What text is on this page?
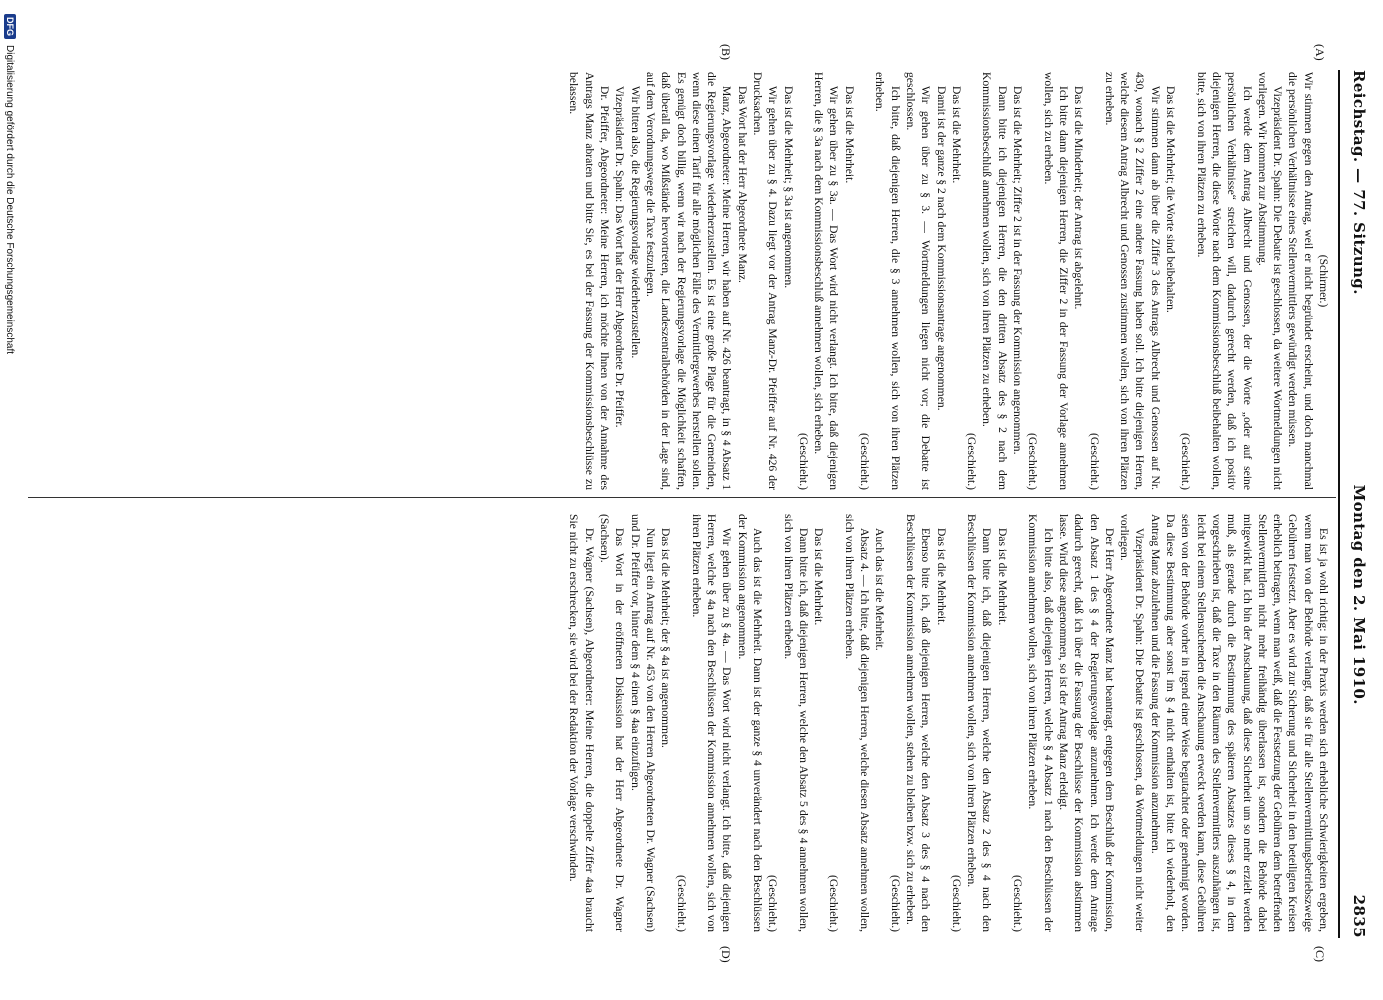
Reichstag. — 77. Sitzung.
Montag den 2. Mai 1910.
2835
(A)
(B)
(C)
(D)

(Schirmer.)

Wir stimmen gegen den Antrag, weil er nicht begründet erscheint, und doch manchmal die persönlichen Verhältnisse eines Stellenvermittlers gewürdigt werden müssen.

Vizepräsident Dr. Spahn: Die Debatte ist geschlossen, da weitere Wortmeldungen nicht vorliegen. Wir kommen zur Abstimmung.

Ich werde dem Antrag Albrecht und Genossen, der die Worte „oder auf seine persönlichen Verhältnisse“ streichen will, dadurch gerecht werden, daß ich positiv diejenigen Herren, die diese Worte nach dem Kommissionsbeschluß beibehalten wollen, bitte, sich von ihren Plätzen zu erheben.

(Geschieht.)

Das ist die Mehrheit; die Worte sind beibehalten.

Wir stimmen dann ab über die Ziffer 3 des Antrags Albrecht und Genossen auf Nr. 430, wonach § 2 Ziffer 2 eine andere Fassung haben soll. Ich bitte diejenigen Herren, welche diesem Antrag Albrecht und Genossen zustimmen wollen, sich von ihren Plätzen zu erheben.

(Geschieht.)

Das ist die Minderheit; der Antrag ist abgelehnt.

Ich bitte dann diejenigen Herren, die Ziffer 2 in der Fassung der Vorlage annehmen wollen, sich zu erheben.

(Geschieht.)

Das ist die Mehrheit; Ziffer 2 ist in der Fassung der Kommission angenommen.

Dann bitte ich diejenigen Herren, die den dritten Absatz des § 2 nach dem Kommissionsbeschluß annehmen wollen, sich von ihren Plätzen zu erheben.

(Geschieht.)

Das ist die Mehrheit.

Damit ist der ganze § 2 nach dem Kommissionsantrage angenommen.

Wir gehen über zu § 3. — Wortmeldungen liegen nicht vor; die Debatte ist geschlossen.

Ich bitte, daß diejenigen Herren, die § 3 annehmen wollen, sich von ihren Plätzen erheben.

(Geschieht.)

Das ist die Mehrheit.

Wir gehen über zu § 3a. — Das Wort wird nicht verlangt. Ich bitte, daß diejenigen Herren, die § 3a nach dem Kommissionsbeschluß annehmen wollen, sich erheben.

(Geschieht.)

Das ist die Mehrheit; § 3a ist angenommen.

Wir gehen über zu § 4. Dazu liegt vor der Antrag Manz-Dr. Pfeiffer auf Nr. 426 der Drucksachen.

Das Wort hat der Herr Abgeordnete Manz.

Manz, Abgeordneter: Meine Herren, wir haben auf Nr. 426 beantragt, in § 4 Absatz 1 die Regierungsvorlage wiederherzustellen. Es ist eine große Plage für die Gemeinden, wenn diese einen Tarif für alle möglichen Fälle des Vermittlergewerbes herstellen sollen. Es genügt doch billig, wenn wir nach der Regierungsvorlage die Möglichkeit schaffen, daß überall da, wo Mißstände hervortreten, die Landeszentralbehörden in der Lage sind, auf dem Verordnungswege die Taxe festzulegen.

Wir bitten also, die Regierungsvorlage wiederherzustellen.

Vizepräsident Dr. Spahn: Das Wort hat der Herr Abgeordnete Dr. Pfeiffer.

Dr. Pfeiffer, Abgeordneter: Meine Herren, ich möchte Ihnen von der Annahme des Antrags Manz abraten und bitte Sie, es bei der Fassung der Kommissionsbeschlüsse zu belassen.

Es ist ja wohl richtig: in der Praxis werden sich erhebliche Schwierigkeiten ergeben, wenn man von der Behörde verlangt, daß sie für alle Stellenvermittlungsbetriebszweige Gebühren festsetzt. Aber es wird zur Sicherung und Sicherheit in den beteiligten Kreisen erheblich beitragen, wenn man weiß, daß die Festsetzung der Gebühren dem betreffenden Stellenvermittlern nicht mehr freihändig überlassen ist, sondern die Behörde dabei mitgewirkt hat. Ich bin der Anschauung, daß diese Sicherheit um so mehr erzielt werden muß, als gerade durch die Bestimmung des späteren Absatzes dieses § 4, in dem vorgeschrieben ist, daß die Taxe in den Räumen des Stellenvermittlers auszuhängen ist, leicht bei einem Stellensuchenden die Anschauung erweckt werden kann, diese Gebühren seien von der Behörde vorher in irgend einer Weise begutachtet oder genehmigt worden. Da diese Bestimmung aber sonst im § 4 nicht enthalten ist, bitte ich wiederholt, den Antrag Manz abzulehnen und die Fassung der Kommission anzunehmen.

Vizepräsident Dr. Spahn: Die Debatte ist geschlossen, da Wortmeldungen nicht weiter vorliegen.

Der Herr Abgeordnete Manz hat beantragt, entgegen dem Beschluß der Kommission, den Absatz 1 des § 4 der Regierungsvorlage anzunehmen. Ich werde dem Antrage dadurch gerecht, daß ich über die Fassung der Beschlüsse der Kommission abstimmen lasse. Wird diese angenommen, so ist der Antrag Manz erledigt.

Ich bitte also, daß diejenigen Herren, welche § 4 Absatz 1 nach den Beschlüssen der Kommission annehmen wollen, sich von ihren Plätzen erheben.

(Geschieht.)

Das ist die Mehrheit.

Dann bitte ich, daß diejenigen Herren, welche den Absatz 2 des § 4 nach den Beschlüssen der Kommission annehmen wollen, sich von ihren Plätzen erheben.

(Geschieht.)

Das ist die Mehrheit.

Ebenso bitte ich, daß diejenigen Herren, welche den Absatz 3 des § 4 nach den Beschlüssen der Kommission annehmen wollen, stehen zu bleiben bzw. sich zu erheben.

(Geschieht.)

Auch das ist die Mehrheit.

Absatz 4. — Ich bitte, daß diejenigen Herren, welche diesen Absatz annehmen wollen, sich von ihren Plätzen erheben.

(Geschieht.)

Das ist die Mehrheit.

Dann bitte ich, daß diejenigen Herren, welche den Absatz 5 des § 4 annehmen wollen, sich von ihren Plätzen erheben.

(Geschieht.)

Auch das ist die Mehrheit. Dann ist der ganze § 4 unverändert nach den Beschlüssen der Kommission angenommen.

Wir gehen über zu § 4a. — Das Wort wird nicht verlangt. Ich bitte, daß diejenigen Herren, welche § 4a nach den Beschlüssen der Kommission annehmen wollen, sich von ihren Plätzen erheben.

(Geschieht.)

Das ist die Mehrheit; der § 4a ist angenommen.

Nun liegt ein Antrag auf Nr. 453 von den Herren Abgeordneten Dr. Wagner (Sachsen) und Dr. Pfeiffer vor, hinter dem § 4 einen § 4aa einzufügen.

Das Wort in der eröffneten Diskussion hat der Herr Abgeordnete Dr. Wagner (Sachsen).

Dr. Wagner (Sachsen), Abgeordneter: Meine Herren, die doppelte Ziffer 4aa braucht Sie nicht zu erschrecken, sie wird bei der Redaktion der Vorlage verschwinden.

DFG
Digitalisierung gefördert durch die Deutsche Forschungsgemeinschaft
